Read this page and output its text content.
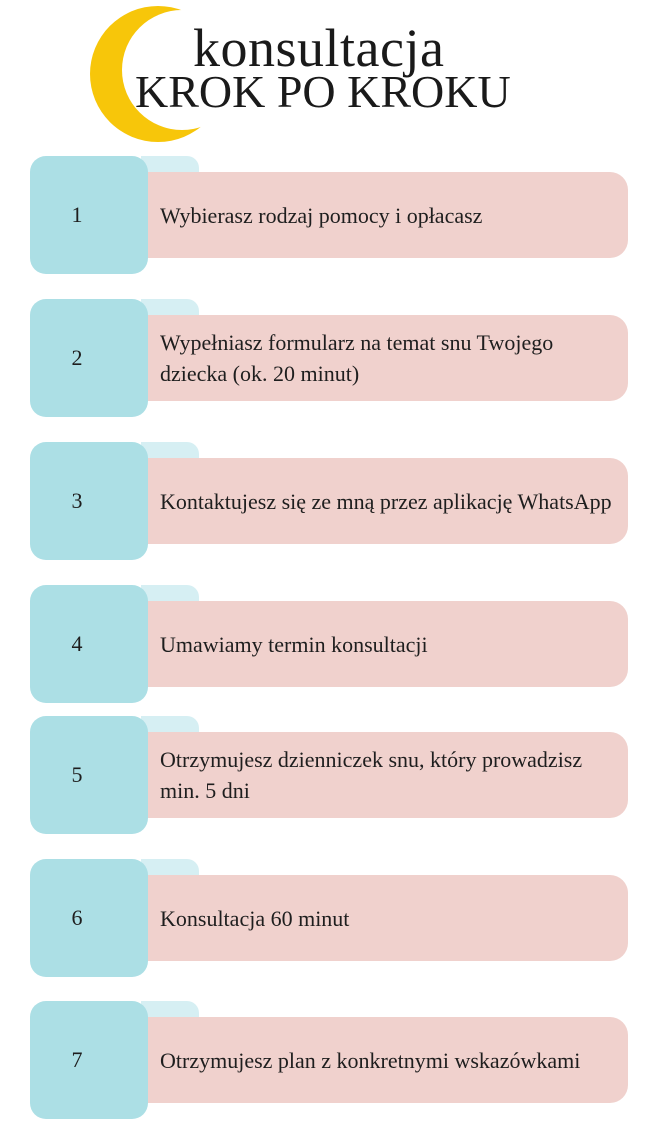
konsultacja
KROK PO KROKU
1	Wybierasz rodzaj pomocy i opłacasz
2
Wypełniasz formularz na temat snu Twojego dziecka (ok. 20 minut)
3	Kontaktujesz się ze mną przez aplikację WhatsApp
4	Umawiamy termin konsultacji
5
Otrzymujesz dzienniczek snu, który prowadzisz min. 5 dni
6	Konsultacja 60 minut
7	Otrzymujesz plan z konkretnymi wskazówkami
